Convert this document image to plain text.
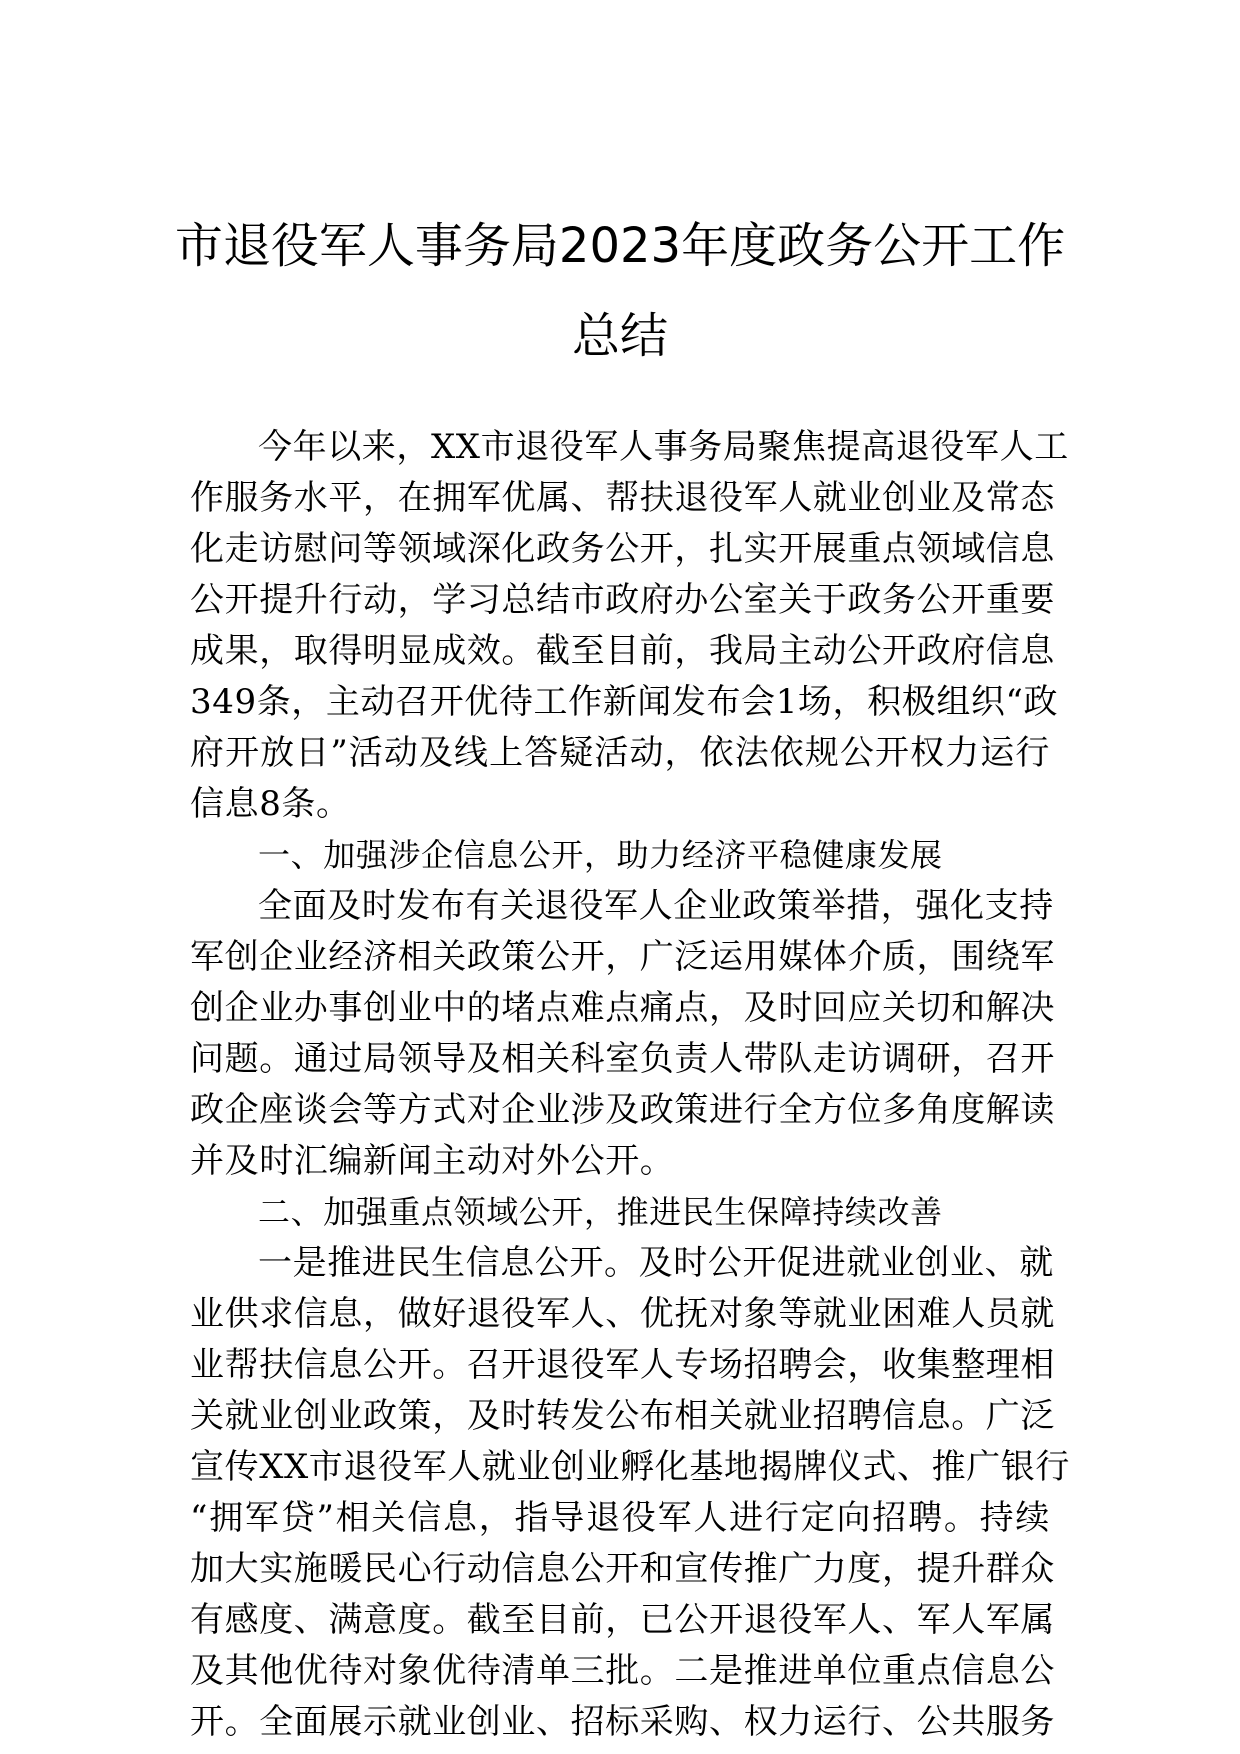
市退役军人事务局2023年度政务公开工作
总结
今年以来，XX市退役军人事务局聚焦提高退役军人工
作服务水平，在拥军优属、帮扶退役军人就业创业及常态
化走访慰问等领域深化政务公开，扎实开展重点领域信息
公开提升行动，学习总结市政府办公室关于政务公开重要
成果，取得明显成效。截至目前，我局主动公开政府信息
349条，主动召开优待工作新闻发布会1场，积极组织“政
府开放日”活动及线上答疑活动，依法依规公开权力运行
信息8条。
一、加强涉企信息公开，助力经济平稳健康发展
全面及时发布有关退役军人企业政策举措，强化支持
军创企业经济相关政策公开，广泛运用媒体介质，围绕军
创企业办事创业中的堵点难点痛点，及时回应关切和解决
问题。通过局领导及相关科室负责人带队走访调研，召开
政企座谈会等方式对企业涉及政策进行全方位多角度解读
并及时汇编新闻主动对外公开。
二、加强重点领域公开，推进民生保障持续改善
一是推进民生信息公开。及时公开促进就业创业、就
业供求信息，做好退役军人、优抚对象等就业困难人员就
业帮扶信息公开。召开退役军人专场招聘会，收集整理相
关就业创业政策，及时转发公布相关就业招聘信息。广泛
宣传XX市退役军人就业创业孵化基地揭牌仪式、推广银行
“拥军贷”相关信息，指导退役军人进行定向招聘。持续
加大实施暖民心行动信息公开和宣传推广力度，提升群众
有感度、满意度。截至目前，已公开退役军人、军人军属
及其他优待对象优待清单三批。二是推进单位重点信息公
开。全面展示就业创业、招标采购、权力运行、公共服务
